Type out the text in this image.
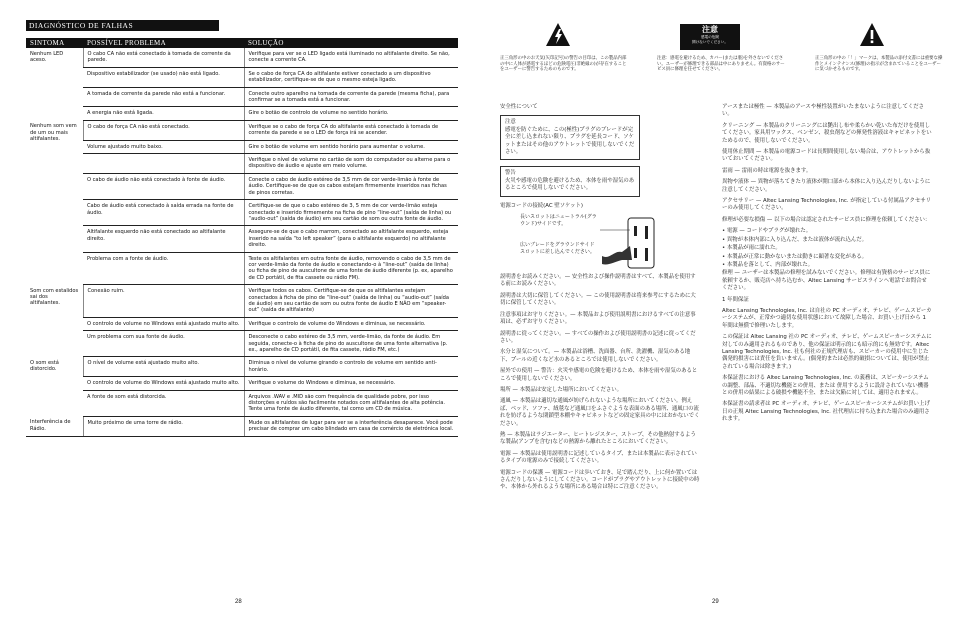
DIAGNÓSTICO DE FALHAS
SINTOMA	POSSÍVEL PROBLEMA	SOLUÇÃO
Nenhum LED aceso.	O cabo CA não está conectado à tomada de corrente da parede.	Verifique para ver se o LED ligado está iluminado no altifalante direito. Se não, conecte a corrente CA.
	Dispositivo estabilizador (se usado) não está ligado.	Se o cabo de força CA do altifalante estiver conectado a um dispositivo estabilizador, certifique-se de que o mesmo esteja ligado.
	A tomada de corrente da parede não está a funcionar.	Conecte outro aparelho na tomada de corrente da parede (mesma ficha), para confirmar se a tomada está a funcionar.
	A energia não está ligada.	Gire o botão de controlo de volume no sentido horário.
Nenhum som vem de um ou mais altifalantes.	O cabo de força CA não está conectado.	Verifique se o cabo de força CA do altifalante está conectado à tomada de corrente da parede e se o LED de força irá se acender.
	Volume ajustado muito baixo.	Gire o botão de volume em sentido horário para aumentar o volume.
		Verifique o nível de volume no cartão de som do computador ou alterne para o dispositivo de áudio e ajuste em meio volume.
	O cabo de áudio não está conectado à fonte de áudio.	Conecte o cabo de áudio estéreo de 3,5 mm de cor verde-limão à fonte de áudio. Certifique-se de que os cabos estejam firmemente inseridos nas fichas de pinos corretas.
	Cabo de áudio está conectado à saída errada na fonte de áudio.	Certifique-se de que o cabo estéreo de 3, 5 mm de cor verde-limão esteja conectado e inserido firmemente na ficha de pino “line-out” (saída de linha) ou “audio-out” (saída de áudio) em seu cartão de som ou outra fonte de áudio.
	Altifalante esquerdo não está conectado ao altifalante direito.	Assegure-se de que o cabo marrom, conectado ao altifalante esquerdo, esteja inserido na saída “to left speaker” (para o altifalante esquerdo) no altifalante direito.
	Problema com a fonte de áudio.	Teste os altifalantes em outra fonte de áudio, removendo o cabo de 3,5 mm de cor verde-limão da fonte de áudio e conectando-o à “line-out” (saída de linha) ou ficha de pino de auscultone de uma fonte de áudio diferente (p. ex, aparelho de CD portátil, de fita cassete ou rádio FM).
Som com estalidos sai dos altifalantes.	Conexão ruim.	Verifique todos os cabos. Certifique-se de que os altifalantes estejam conectados à ficha de pino de “line-out” (saída de linha) ou “audio-out” (saída de áudio) em seu cartão de som ou outra fonte de áudio E NÃO em “speaker-out” (saída de altifalante)
	O controlo de volume no Windows está ajustado muito alto.	Verifique o controlo de volume do Windows e diminua, se necessário.
	Um problema com sua fonte de áudio.	Desconecte o cabo estéreo de 3,5 mm, verde-limão, da fonte de áudio. Em seguida, conecte-o à ficha de pino do auscultone de uma fonte alternativa (p. ex., aparelho de CD portátil, de fita cassete, rádio FM, etc.)
O som está distorcido.	O nível de volume está ajustado muito alto.	Diminua o nível de volume girando o controlo de volume em sentido anti-horário.
	O controlo de volume do Windows está ajustado muito alto.	Verifique o volume do Windows e diminua, se necessário.
	A fonte de som está distorcida.	Arquivos .WAV e .MID são com frequência de qualidade pobre, por isso distorções e ruídos são facilmente notados com altifalantes de alta potência. Tente uma fonte de áudio diferente, tal como um CD de música.
Interferência de Rádio.	Muito próximo de uma torre de rádio.	Mude os altifalantes de lugar para ver se a interferência desaparece. Você pode precisar de comprar um cabo blindado em casa de comércio de eletrónica local.
28
注意
感電の危険
開けないでください。
正三角形の中のお天気(矢印記号)の警告の目印は、この製品内部の中に人体が感電するほどの危険電圧(非絶縁の)が存在することをユーザーに警告するためのものです。
注意：感電を避けるため、カバー(または裏)を外さないでください。ユーザーが修理できる部品は中にありません。有資格のサービス員に修理を任せてください。
正三角形の中の「！」マークは、本製品の添付文書には重要な操作とメインテナンス(修理)の指示が含まれていることをユーザーに気づかせるものです。

安全性について

注意
感電を防ぐために、この(極性)プラグのブレードが完全に差し込まれない限り、プラグを延長コード、ソケットまたはその他のアウトレットで使用しないでください。
警告
火災や感電の危険を避けるため、本体を雨や湿気のあるところで使用しないでください。

電源コードの接続(AC 壁ソケット)

長いスロットはニュートラル(グラウンド)サイドです。
広いブレードをグラウンドサイドスロットに差し込んでください。

説明書をお読みください。— 安全性および操作説明書はすべて、本製品を使用する前にお読みください。

説明書は大切に保管してください。— この使用説明書は将来参考にするために大切に保管してください。

注意事項はお守りください。— 本製品および使用説明書におけるすべての注意事項は、必ずお守りください。

説明書に従ってください。— すべての操作および使用説明書の記述に従ってください。

水分と湿気について。— 本製品は浴槽、洗面器、台所、洗濯機、湿気のある地下、プールの近くなど水のあるところでは使用しないでください。

屋外での使用 — 警告：火災や感電の危険を避けるため、本体を雨や湿気のあるところで使用しないでください。

場所 — 本製品は安定した場所においてください。

通風 — 本製品は適切な通風が妨げられないような場所においてください。例えば、ベッド、ソファ、絨毯など通風口をふさぐような表面のある場所、通風口の流れを妨げるような閉鎖型本棚やキャビネットなどの固定家具の中にはおかないでください。

熱 — 本製品はラジエーター、ヒートレジスター、ストーブ、その他熱射するような製品(アンプを含む)などの熱源から離れたところにおいてください。

電源 — 本製品は使用説明書に記述しているタイプ、または本製品に表示されているタイプの電源のみで接続してください。

電源コードの保護 — 電源コードは歩いておき、足で踏んだり、上に何か置いてはさんだりしないようにしてください。コードがプラグやアウトレットに接続中の時や、本体から外れるような場所にある場合は特にご注意ください。

アースまたは極性 — 本製品のアースや極性装置がいたまないように注意してください。

クリーニング — 本製品のクリーニングには艶出し布や柔らかい乾いた布だけを使用してください。家具用ワックス、ベンゼン、殺虫剤などの揮発性溶液はキャビネットをいためるので、使用しないでください。

使用休止期間 — 本製品の電源コードは長期間使用しない場合は、アウトレットから抜いておいてください。

雷雨 — 雷雨の時は電源を抜きます。

異物や液体 — 異物が落ちてきたり液体が開口部から本体に入り込んだりしないように注意してください。

アクセサリー — Altec Lansing Technologies, Inc. が指定している付属品アクセサリーのみ使用してください。

修理が必要な損傷 — 以下の場合は認定されたサービス員に修理を依頼してください：

• 電源 — コードやプラグが壊れた。

• 異物が本体内部に入り込んだ、または液体が流れ込んだ。

• 本製品が雨に濡れた。

• 本製品が正常に動かないまたは動きに顕著な変化がある。

• 本製品を落として、内部が壊れた。

修理 — ユーザーは本製品の修理を試みないでください。修理は有資格のサービス員に依頼するか、販売店へ持ち込むか、Altec Lansing サービスラインへ電話でお問合せください。

1 年間保証

Altec Lansing Technologies, Inc. は自社の PC オーディオ、テレビ、ゲームスピーカーシステムが、正常かつ適切な使用状態において故障した場合、お買い上げ日から 1 年間は無償で修理いたします。

この保証は Altec Lansing 社の PC オーディオ、テレビ、ゲームスピーカーシステムに対してのみ適用されるものであり、他の保証は明示的にも暗示的にも無効です。Altec Lansing Technologies, Inc. 社も何社の正規代理店も、スピーカーの使用中に生じた偶発的損害には責任を負いません。(偶発的または必然的破損については、使用が禁止されている場合は除きます。)

本保証書における Altec Lansing Technologies, Inc. の義務は、スピーカーシステムの調整、部品、不適切な機能との併用、または 併用するように設計されていない機器との併用の結果による破損や機能不全、または欠陥に対しては、適用されません。

本保証書の請求者は PC オーディオ、テレビ、ゲームスピーカーシステムがお買い上げ日の正規 Altec Lansing Technologies, Inc. 社代理店に持ち込まれた場合のみ適用されます。

29
